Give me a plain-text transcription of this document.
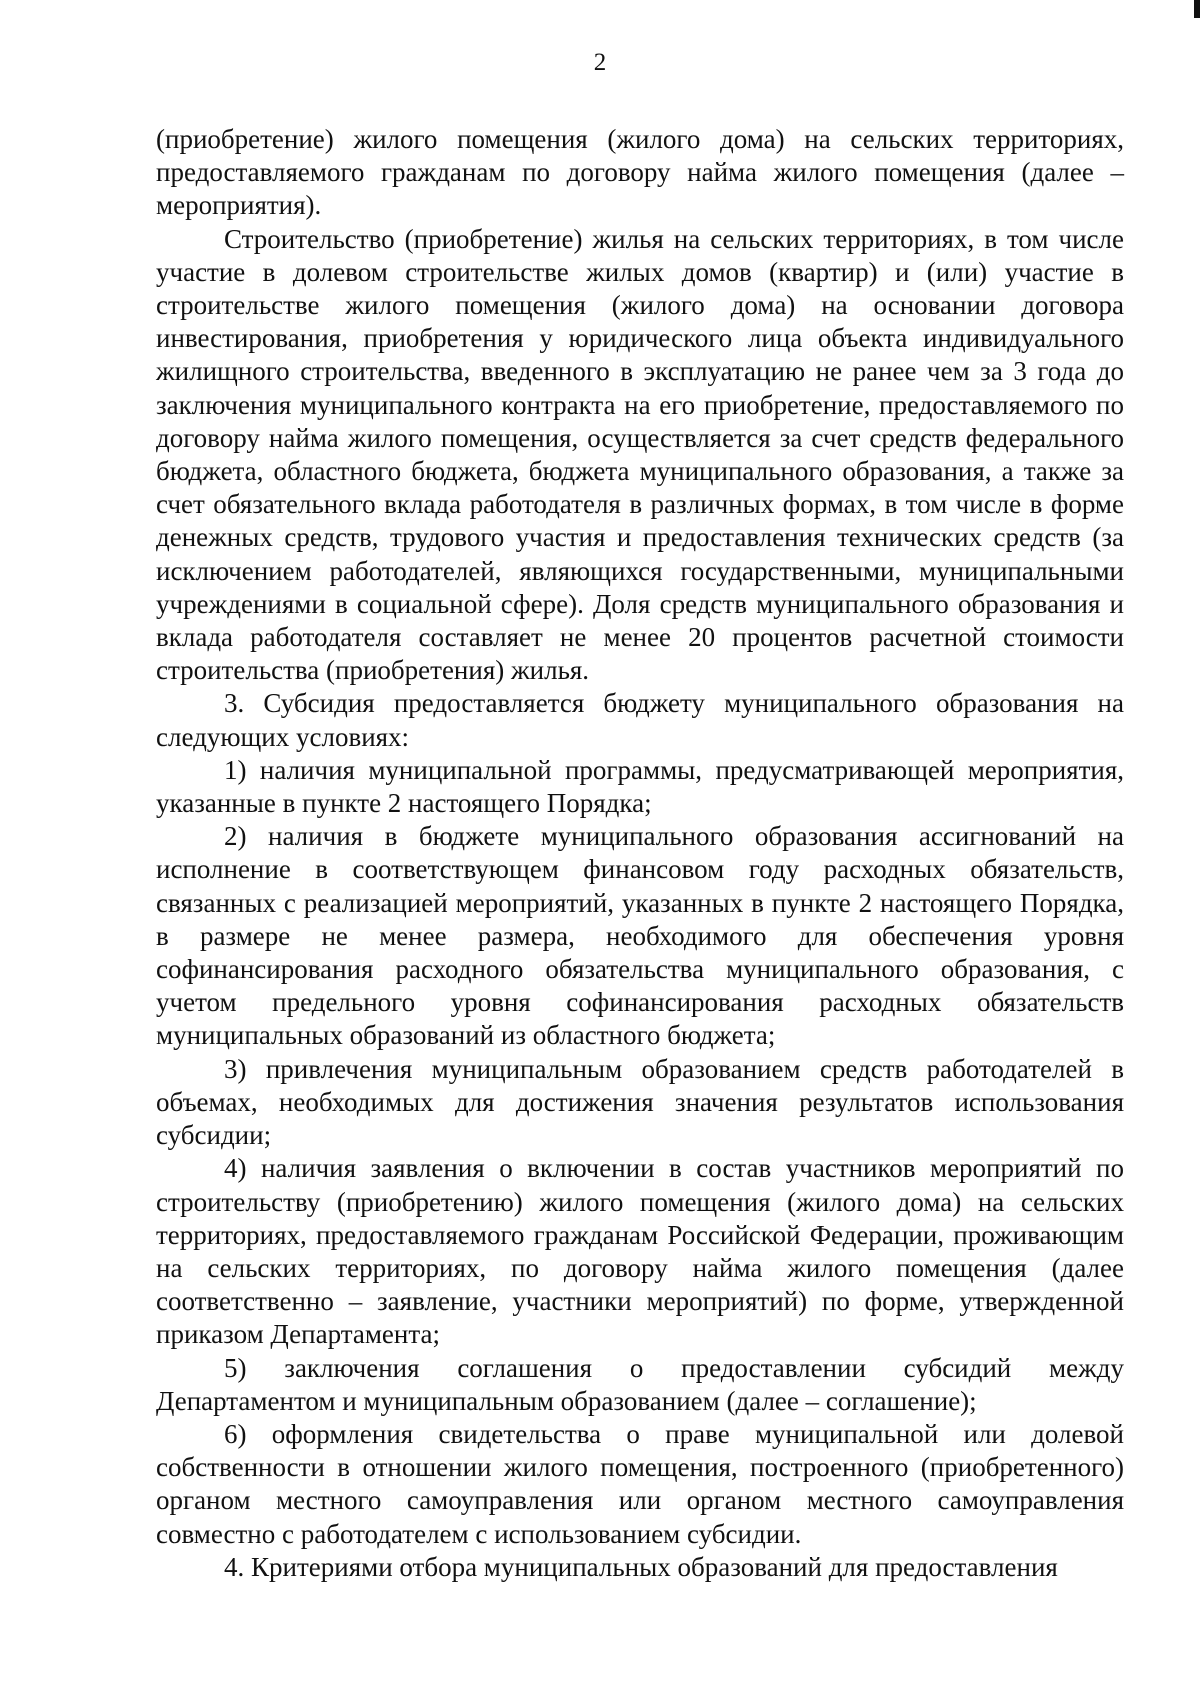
2

(приобретение) жилого помещения (жилого дома) на сельских территориях, предоставляемого гражданам по договору найма жилого помещения (далее – мероприятия).

Строительство (приобретение) жилья на сельских территориях, в том числе участие в долевом строительстве жилых домов (квартир) и (или) участие в строительстве жилого помещения (жилого дома) на основании договора инвестирования, приобретения у юридического лица объекта индивидуального жилищного строительства, введенного в эксплуатацию не ранее чем за 3 года до заключения муниципального контракта на его приобретение, предоставляемого по договору найма жилого помещения, осуществляется за счет средств федерального бюджета, областного бюджета, бюджета муниципального образования, а также за счет обязательного вклада работодателя в различных формах, в том числе в форме денежных средств, трудового участия и предоставления технических средств (за исключением работодателей, являющихся государственными, муниципальными учреждениями в социальной сфере). Доля средств муниципального образования и вклада работодателя составляет не менее 20 процентов расчетной стоимости строительства (приобретения) жилья.

3. Субсидия предоставляется бюджету муниципального образования на следующих условиях:

1) наличия муниципальной программы, предусматривающей мероприятия, указанные в пункте 2 настоящего Порядка;

2) наличия в бюджете муниципального образования ассигнований на исполнение в соответствующем финансовом году расходных обязательств, связанных с реализацией мероприятий, указанных в пункте 2 настоящего Порядка, в размере не менее размера, необходимого для обеспечения уровня софинансирования расходного обязательства муниципального образования, с учетом предельного уровня софинансирования расходных обязательств муниципальных образований из областного бюджета;

3) привлечения муниципальным образованием средств работодателей в объемах, необходимых для достижения значения результатов использования субсидии;

4) наличия заявления о включении в состав участников мероприятий по строительству (приобретению) жилого помещения (жилого дома) на сельских территориях, предоставляемого гражданам Российской Федерации, проживающим на сельских территориях, по договору найма жилого помещения (далее соответственно – заявление, участники мероприятий) по форме, утвержденной приказом Департамента;

5) заключения соглашения о предоставлении субсидий между Департаментом и муниципальным образованием (далее – соглашение);

6) оформления свидетельства о праве муниципальной или долевой собственности в отношении жилого помещения, построенного (приобретенного) органом местного самоуправления или органом местного самоуправления совместно с работодателем с использованием субсидии.

4. Критериями отбора муниципальных образований для предоставления
